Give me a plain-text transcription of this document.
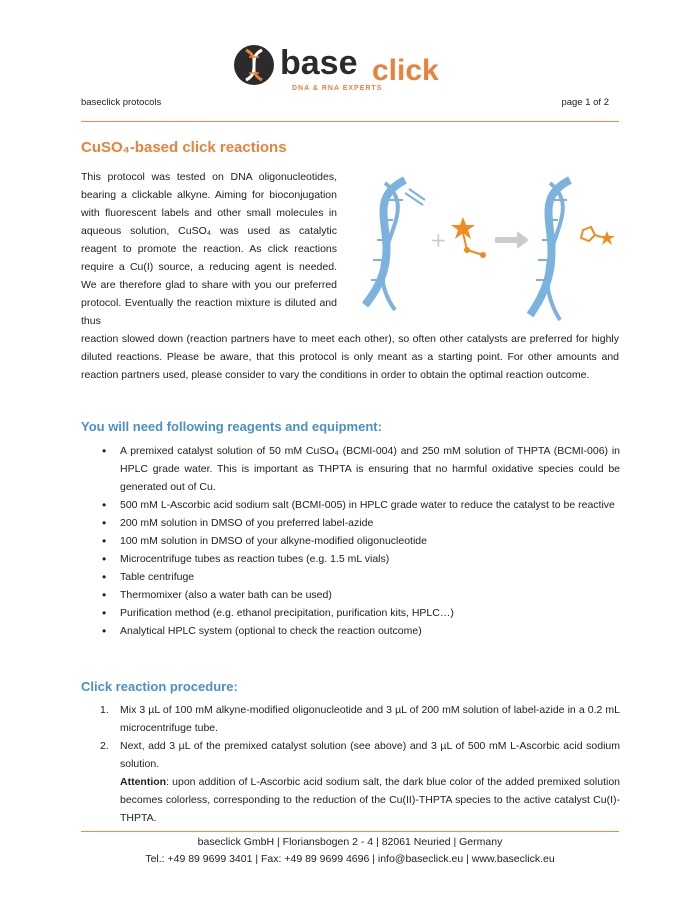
base click
DNA & RNA EXPERTS
baseclick protocols	page 1 of 2
CuSO₄-based click reactions

This protocol was tested on DNA oligonucleotides, bearing a clickable alkyne. Aiming for bioconjugation with fluorescent labels and other small molecules in aqueous solution, CuSO₄ was used as catalytic reagent to promote the reaction. As click reactions require a Cu(I) source, a reducing agent is needed. We are therefore glad to share with you our preferred protocol. Eventually the reaction mixture is diluted and thus

+

reaction slowed down (reaction partners have to meet each other), so often other catalysts are preferred for highly diluted reactions. Please be aware, that this protocol is only meant as a starting point. For other amounts and reaction partners used, please consider to vary the conditions in order to obtain the optimal reaction outcome.

You will need following reagents and equipment:
• A premixed catalyst solution of 50 mM CuSO₄ (BCMI-004) and 250 mM solution of THPTA (BCMI-006) in HPLC grade water. This is important as THPTA is ensuring that no harmful oxidative species could be generated out of Cu.
• 500 mM L-Ascorbic acid sodium salt (BCMI-005) in HPLC grade water to reduce the catalyst to be reactive
• 200 mM solution in DMSO of you preferred label-azide
• 100 mM solution in DMSO of your alkyne-modified oligonucleotide
• Microcentrifuge tubes as reaction tubes (e.g. 1.5 mL vials)
• Table centrifuge
• Thermomixer (also a water bath can be used)
• Purification method (e.g. ethanol precipitation, purification kits, HPLC…)
• Analytical HPLC system (optional to check the reaction outcome)
Click reaction procedure:
1. Mix 3 µL of 100 mM alkyne-modified oligonucleotide and 3 µL of 200 mM solution of label-azide in a 0.2 mL microcentrifuge tube.
2. Next, add 3 µL of the premixed catalyst solution (see above) and 3 µL of 500 mM L-Ascorbic acid sodium solution.
Attention: upon addition of L-Ascorbic acid sodium salt, the dark blue color of the added premixed solution becomes colorless, corresponding to the reduction of the Cu(II)-THPTA species to the active catalyst Cu(I)-THPTA.
baseclick GmbH | Floriansbogen 2 - 4 | 82061 Neuried | Germany
Tel.: +49 89 9699 3401 | Fax: +49 89 9699 4696 | info@baseclick.eu | www.baseclick.eu
